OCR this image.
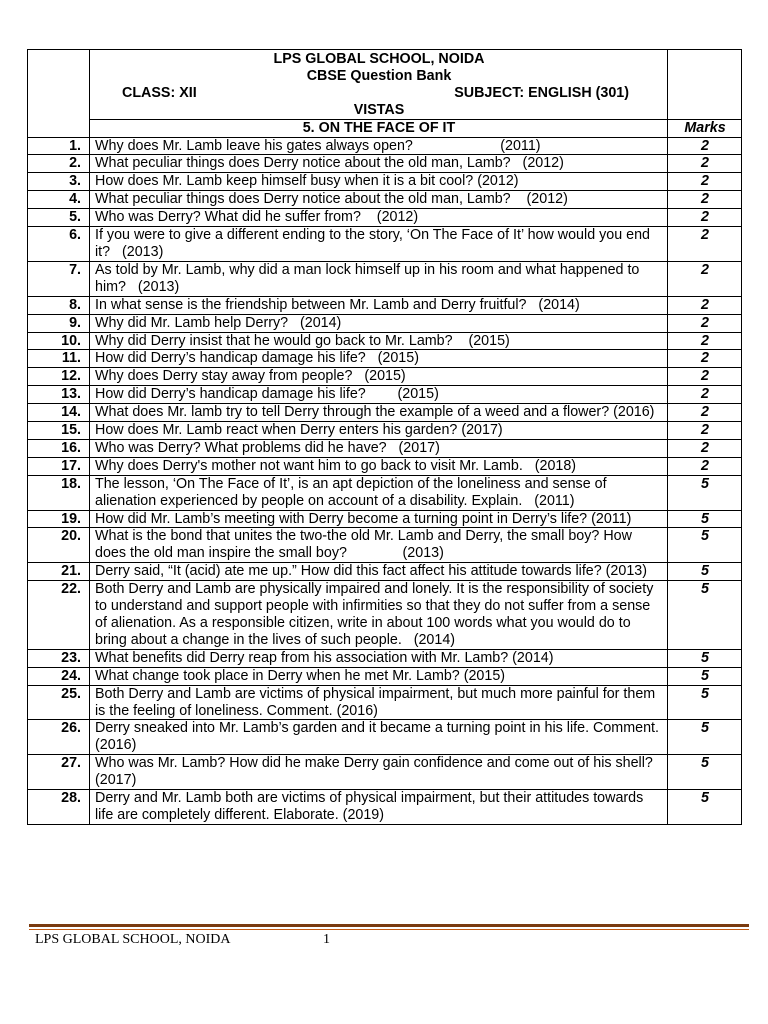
	LPS GLOBAL SCHOOL, NOIDA
CBSE Question Bank
CLASS: XII SUBJECT: ENGLISH (301)
VISTAS	

	5. ON THE FACE OF IT	Marks
1.	Why does Mr. Lamb leave his gates always open?                      (2011)	2
2.	What peculiar things does Derry notice about the old man, Lamb?   (2012)	2
3.	How does Mr. Lamb keep himself busy when it is a bit cool? (2012)	2
4.	What peculiar things does Derry notice about the old man, Lamb?    (2012)	2
5.	Who was Derry? What did he suffer from?    (2012)	2
6.	If you were to give a different ending to the story, ‘On The Face of It’ how would you end it?   (2013)	2
7.	As told by Mr. Lamb, why did a man lock himself up in his room and what happened to him?   (2013)	2
8.	In what sense is the friendship between Mr. Lamb and Derry fruitful?   (2014)	2
9.	Why did Mr. Lamb help Derry?   (2014)	2
10.	Why did Derry insist that he would go back to Mr. Lamb?    (2015)	2
11.	How did Derry’s handicap damage his life?   (2015)	2
12.	Why does Derry stay away from people?   (2015)	2
13.	How did Derry’s handicap damage his life?        (2015)	2
14.	What does Mr. lamb try to tell Derry through the example of a weed and a flower? (2016)	2
15.	How does Mr. Lamb react when Derry enters his garden? (2017)	2
16.	Who was Derry? What problems did he have?   (2017)	2
17.	Why does Derry's mother not want him to go back to visit Mr. Lamb.   (2018)	2
18.	The lesson, ‘On The Face of It’, is an apt depiction of the loneliness and sense of alienation experienced by people on account of a disability. Explain.   (2011)	5
19.	How did Mr. Lamb’s meeting with Derry become a turning point in Derry’s life? (2011)	5
20.	What is the bond that unites the two-the old Mr. Lamb and Derry, the small boy? How does the old man inspire the small boy?              (2013)	5
21.	Derry said, “It (acid) ate me up.” How did this fact affect his attitude towards life? (2013)	5
22.	Both Derry and Lamb are physically impaired and lonely. It is the responsibility of society to understand and support people with infirmities so that they do not suffer from a sense of alienation. As a responsible citizen, write in about 100 words what you would do to bring about a change in the lives of such people.   (2014)	5
23.	What benefits did Derry reap from his association with Mr. Lamb? (2014)	5
24.	What change took place in Derry when he met Mr. Lamb? (2015)	5
25.	Both Derry and Lamb are victims of physical impairment, but much more painful for them is the feeling of loneliness. Comment. (2016)	5
26.	Derry sneaked into Mr. Lamb’s garden and it became a turning point in his life. Comment.  (2016)	5
27.	Who was Mr. Lamb? How did he make Derry gain confidence and come out of his shell?   (2017)	5
28.	Derry and Mr. Lamb both are victims of physical impairment, but their attitudes towards life are completely different. Elaborate. (2019)	5
LPS GLOBAL SCHOOL, NOIDA	1
